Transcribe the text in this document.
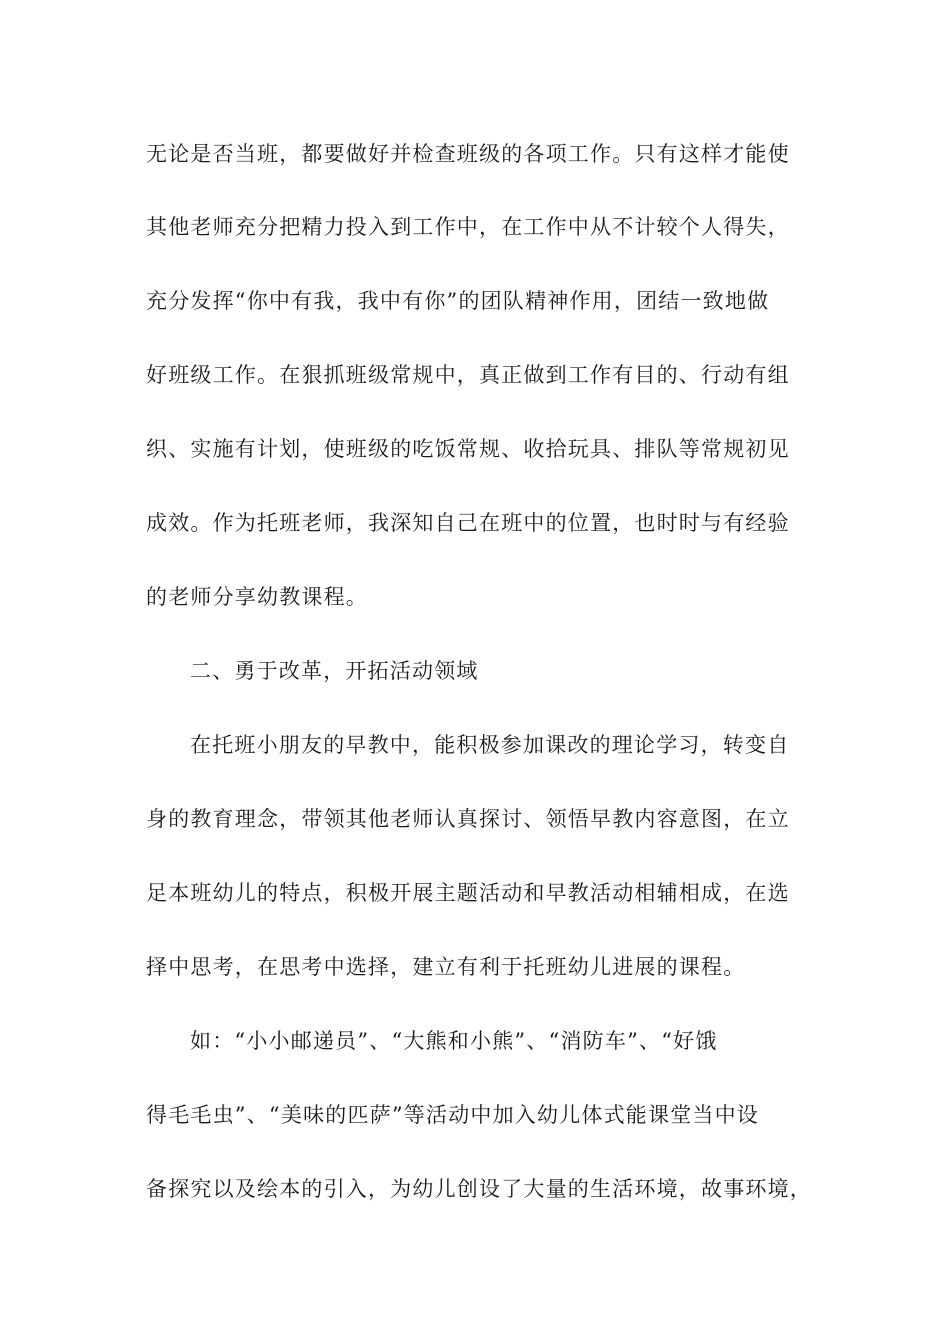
无论是否当班，都要做好并检查班级的各项工作。只有这样才能使
其他老师充分把精力投入到工作中，在工作中从不计较个人得失，
充分发挥“你中有我，我中有你”的团队精神作用，团结一致地做
好班级工作。在狠抓班级常规中，真正做到工作有目的、行动有组
织、实施有计划，使班级的吃饭常规、收拾玩具、排队等常规初见
成效。作为托班老师，我深知自己在班中的位置，也时时与有经验
的老师分享幼教课程。
二、勇于改革，开拓活动领域
在托班小朋友的早教中，能积极参加课改的理论学习，转变自
身的教育理念，带领其他老师认真探讨、领悟早教内容意图，在立
足本班幼儿的特点，积极开展主题活动和早教活动相辅相成，在选
择中思考，在思考中选择，建立有利于托班幼儿进展的课程。
如：“小小邮递员”、“大熊和小熊”、“消防车”、“好饿
得毛毛虫”、“美味的匹萨”等活动中加入幼儿体式能课堂当中设
备探究以及绘本的引入，为幼儿创设了大量的生活环境，故事环境，
